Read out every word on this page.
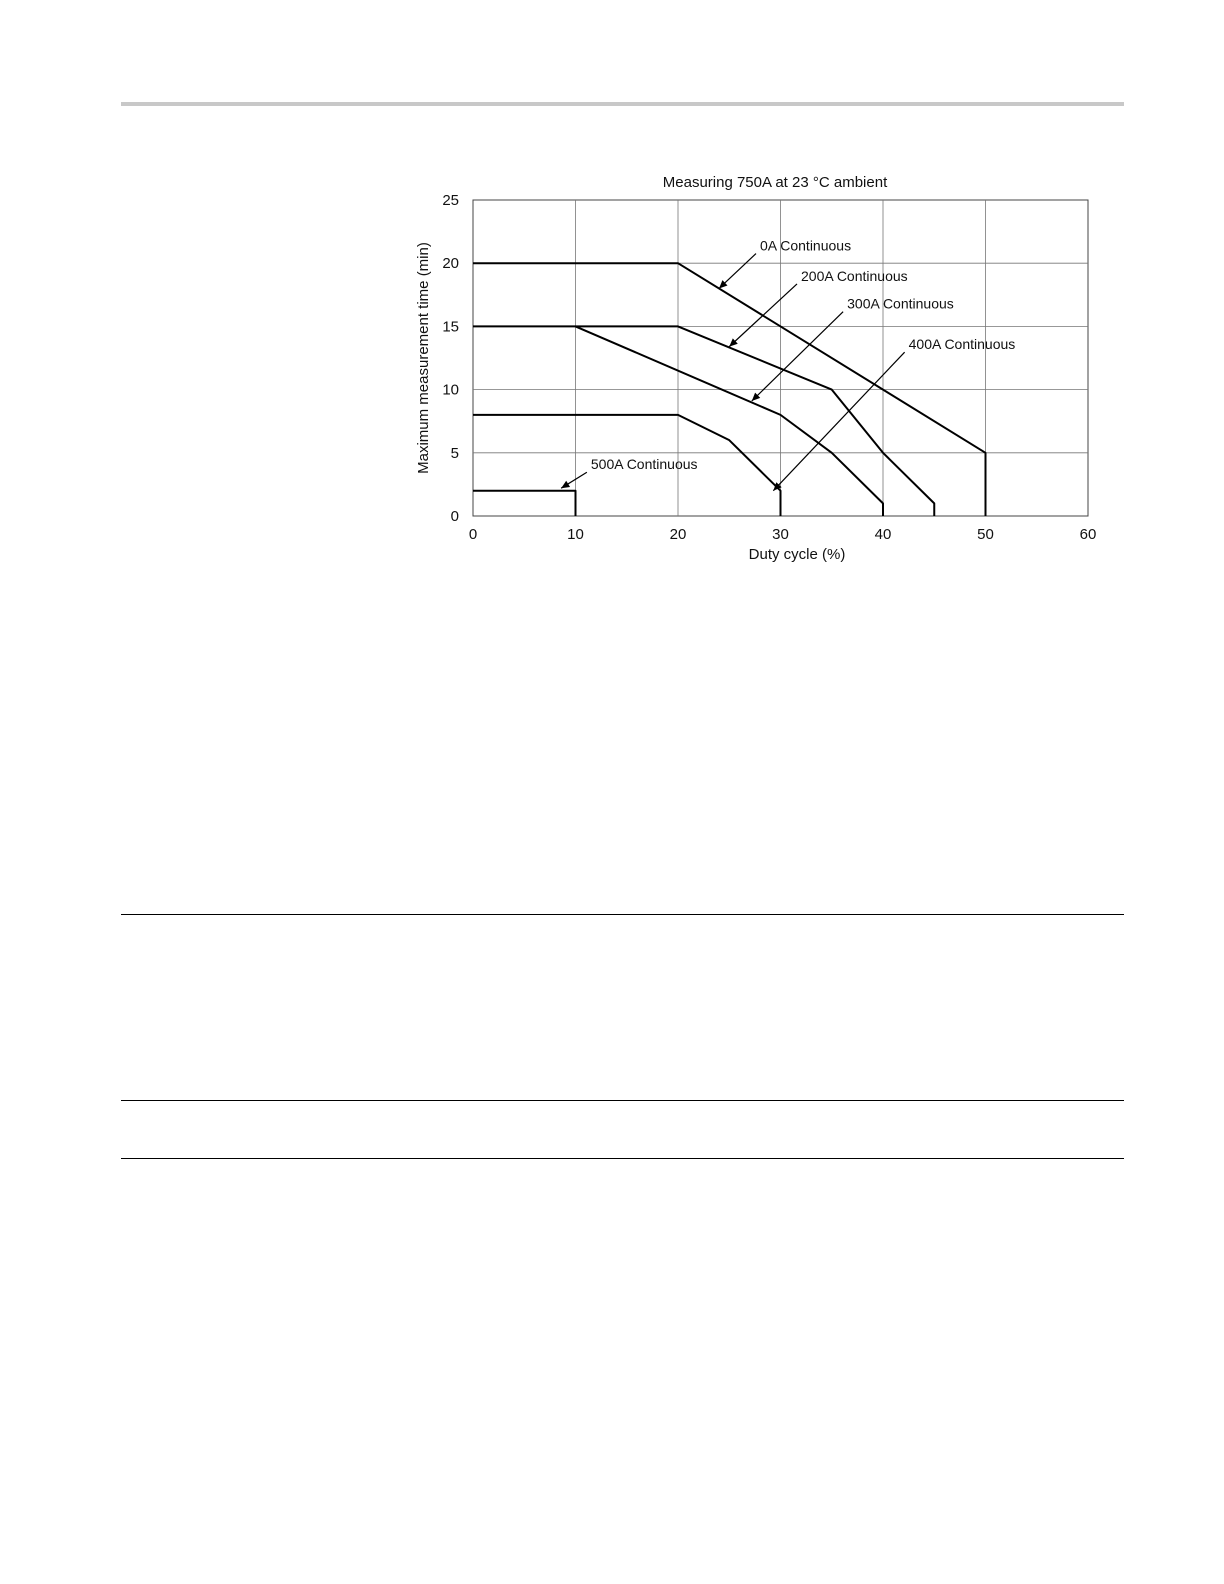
Measuring 750A at 23 °C ambient
0A Continuous
200A Continuous
300A Continuous
400A Continuous
500A Continuous
0	10	20	30	40	50	60
0
5
10
15
20
25
Duty cycle (%)
Maximum measurement time (min)
